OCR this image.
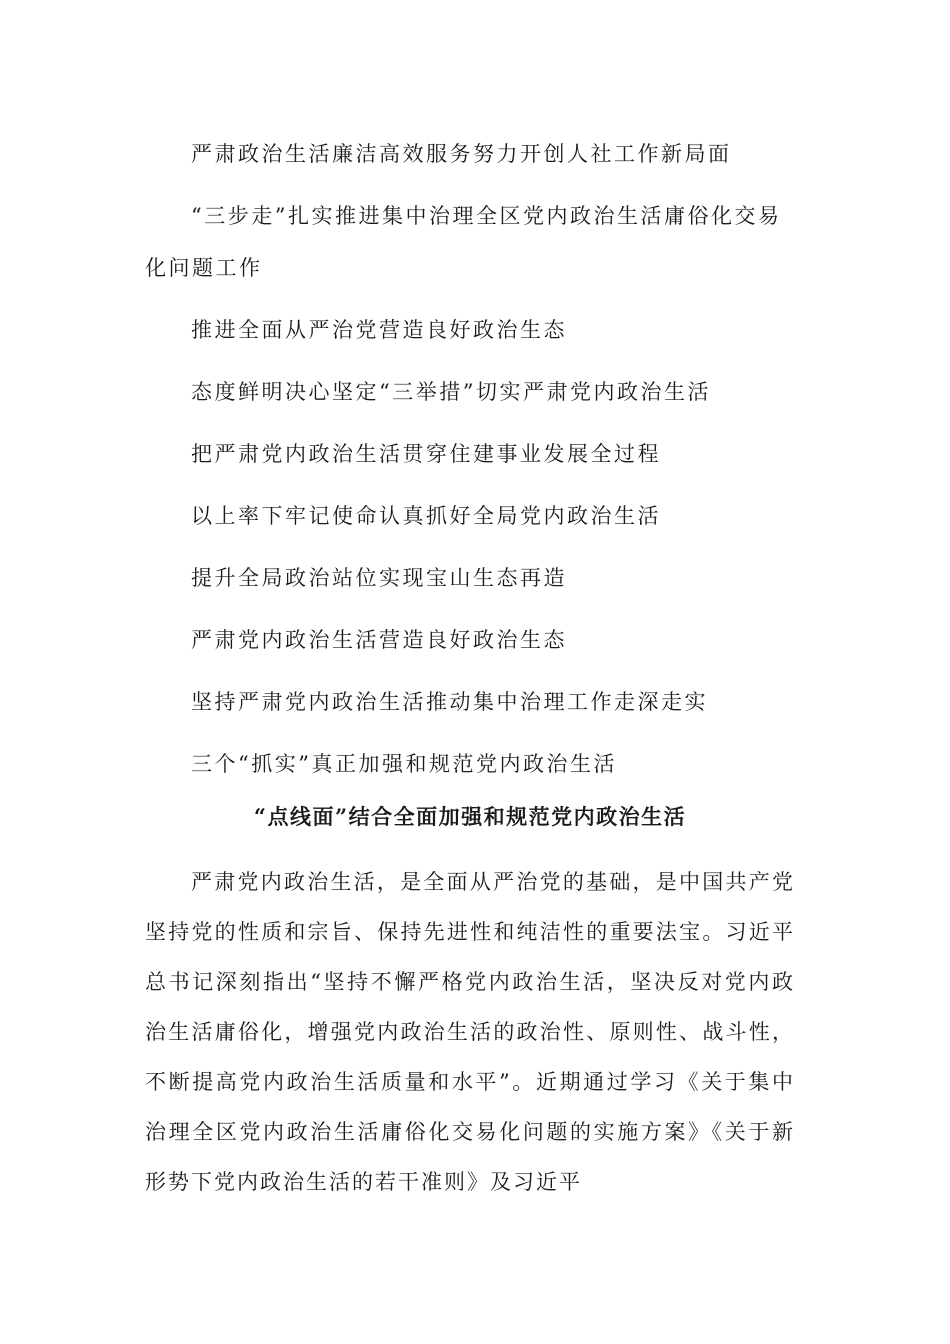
严肃政治生活廉洁高效服务努力开创人社工作新局面
“三步走”扎实推进集中治理全区党内政治生活庸俗化交易化问题工作
推进全面从严治党营造良好政治生态
态度鲜明决心坚定“三举措”切实严肃党内政治生活
把严肃党内政治生活贯穿住建事业发展全过程
以上率下牢记使命认真抓好全局党内政治生活
提升全局政治站位实现宝山生态再造
严肃党内政治生活营造良好政治生态
坚持严肃党内政治生活推动集中治理工作走深走实
三个“抓实”真正加强和规范党内政治生活
“点线面”结合全面加强和规范党内政治生活
严肃党内政治生活，是全面从严治党的基础，是中国共产党坚持党的性质和宗旨、保持先进性和纯洁性的重要法宝。习近平总书记深刻指出“坚持不懈严格党内政治生活，坚决反对党内政治生活庸俗化，增强党内政治生活的政治性、原则性、战斗性，不断提高党内政治生活质量和水平”。近期通过学习《关于集中治理全区党内政治生活庸俗化交易化问题的实施方案》《关于新形势下党内政治生活的若干准则》及习近平
